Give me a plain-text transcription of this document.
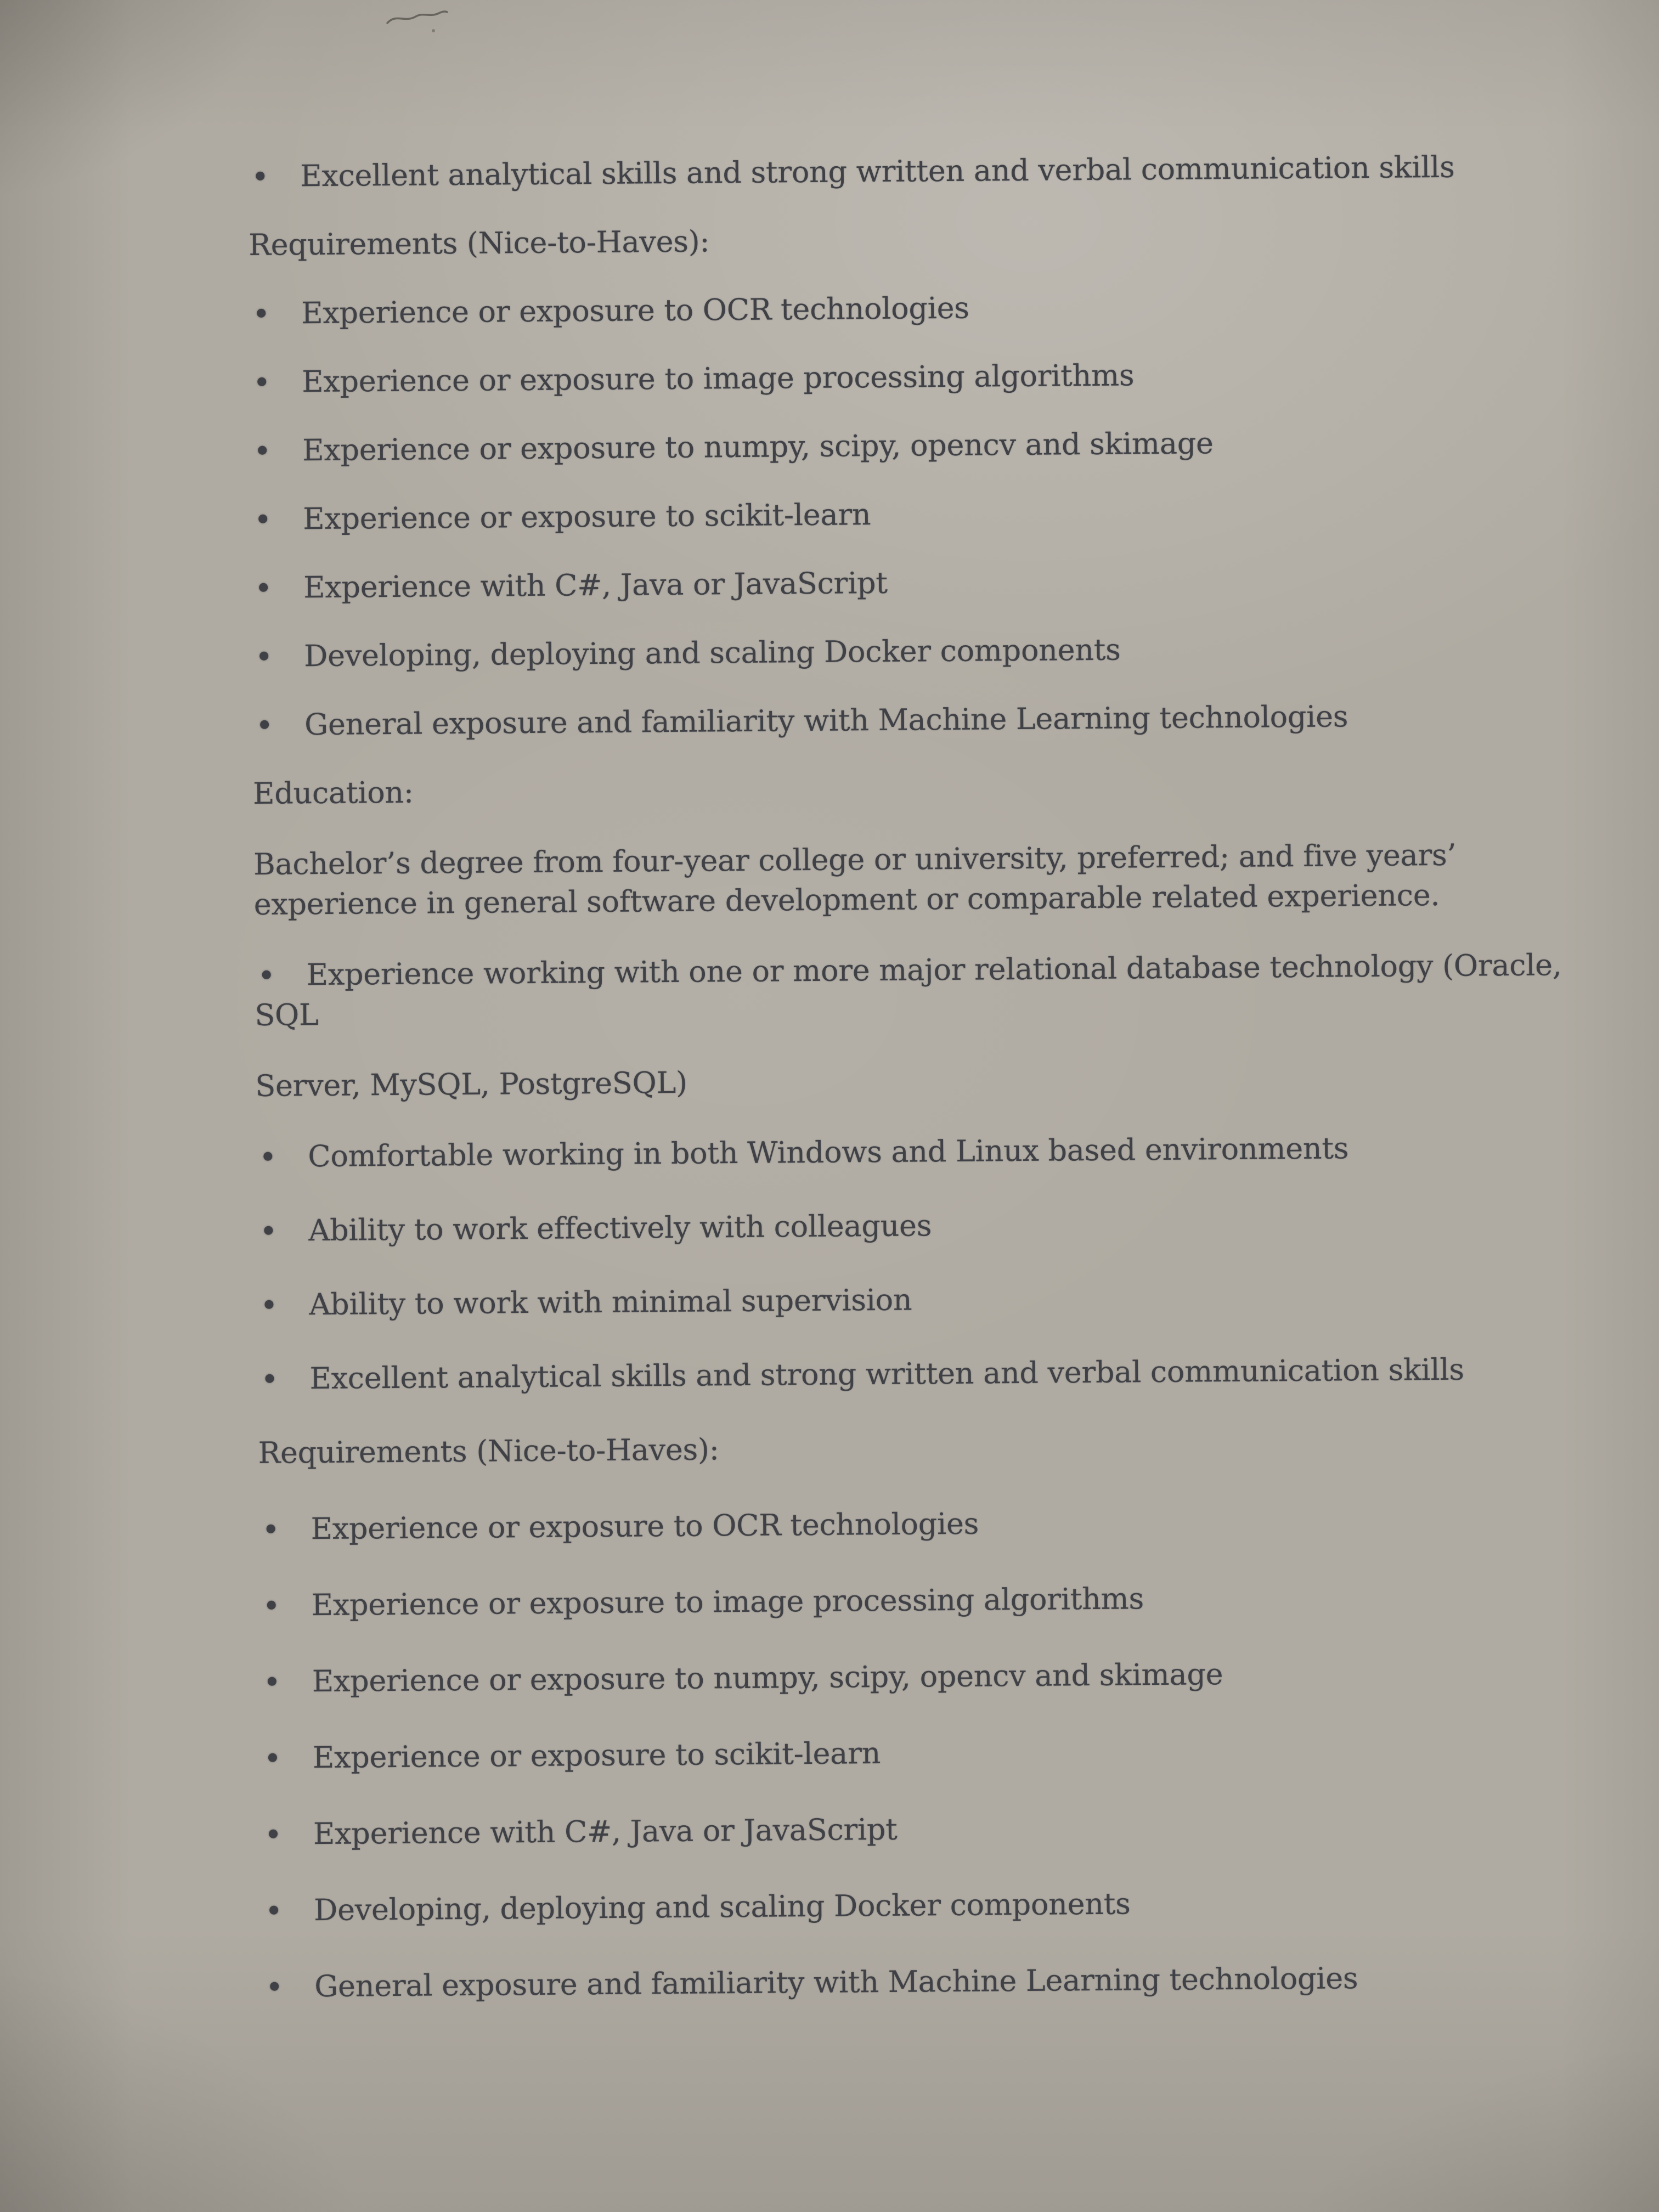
Excellent analytical skills and strong written and verbal communication skills

Requirements (Nice-to-Haves):

Experience or exposure to OCR technologies
Experience or exposure to image processing algorithms
Experience or exposure to numpy, scipy, opencv and skimage
Experience or exposure to scikit-learn
Experience with C#, Java or JavaScript
Developing, deploying and scaling Docker components
General exposure and familiarity with Machine Learning technologies

Education:

Bachelor’s degree from four-year college or university, preferred; and five years’
experience in general software development or comparable related experience.

Experience working with one or more major relational database technology (Oracle,
SQL

Server, MySQL, PostgreSQL)

Comfortable working in both Windows and Linux based environments
Ability to work effectively with colleagues
Ability to work with minimal supervision
Excellent analytical skills and strong written and verbal communication skills

Requirements (Nice-to-Haves):

Experience or exposure to OCR technologies
Experience or exposure to image processing algorithms
Experience or exposure to numpy, scipy, opencv and skimage
Experience or exposure to scikit-learn
Experience with C#, Java or JavaScript
Developing, deploying and scaling Docker components
General exposure and familiarity with Machine Learning technologies
